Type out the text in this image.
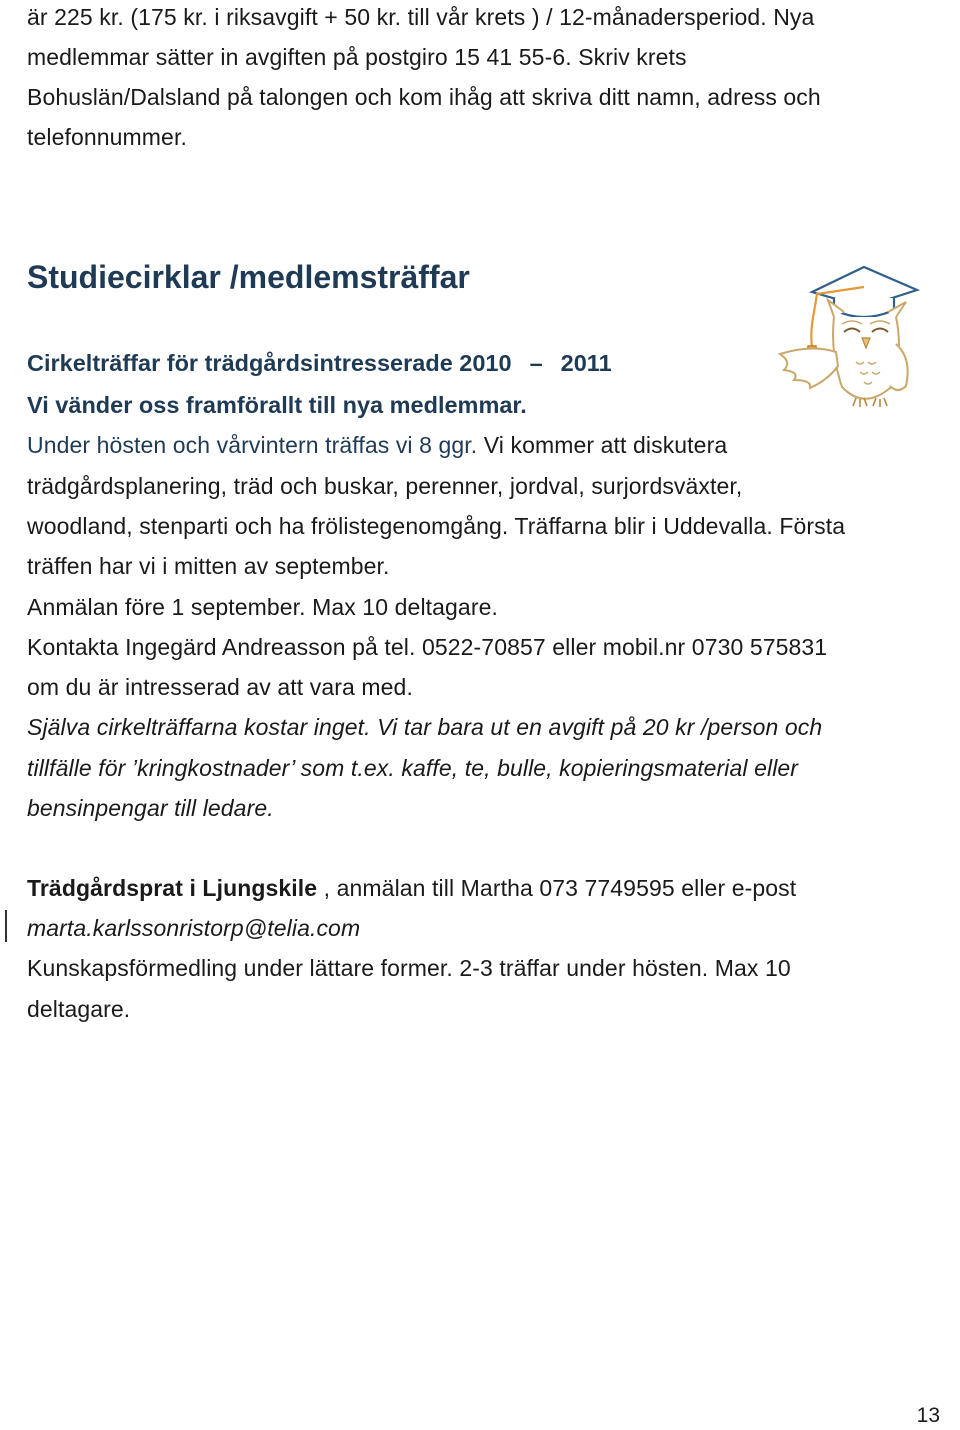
är 225 kr. (175 kr. i riksavgift + 50 kr. till vår krets ) / 12-månadersperiod. Nya
medlemmar sätter in avgiften på postgiro 15 41 55-6. Skriv krets
Bohuslän/Dalsland på talongen och kom ihåg att skriva ditt namn, adress och
telefonnummer.
Studiecirklar /medlemsträffar
Cirkelträffar för trädgårdsintresserade 2010 – 2011
Vi vänder oss framförallt till nya medlemmar.
Under hösten och vårvintern träffas vi 8 ggr. Vi kommer att diskutera
trädgårdsplanering, träd och buskar, perenner, jordval, surjordsväxter,
woodland, stenparti och ha frölistegenomgång. Träffarna blir i Uddevalla. Första
träffen har vi i mitten av september.
Anmälan före 1 september. Max 10 deltagare.
Kontakta Ingegärd Andreasson på tel. 0522-70857 eller mobil.nr 0730 575831
om du är intresserad av att vara med.
Själva cirkelträffarna kostar inget. Vi tar bara ut en avgift på 20 kr /person och
tillfälle för ’kringkostnader’ som t.ex. kaffe, te, bulle, kopieringsmaterial eller
bensinpengar till ledare.
Trädgårdsprat i Ljungskile , anmälan till Martha 073 7749595 eller e-post
marta.karlssonristorp@telia.com
Kunskapsförmedling under lättare former. 2-3 träffar under hösten. Max 10
deltagare.
13
